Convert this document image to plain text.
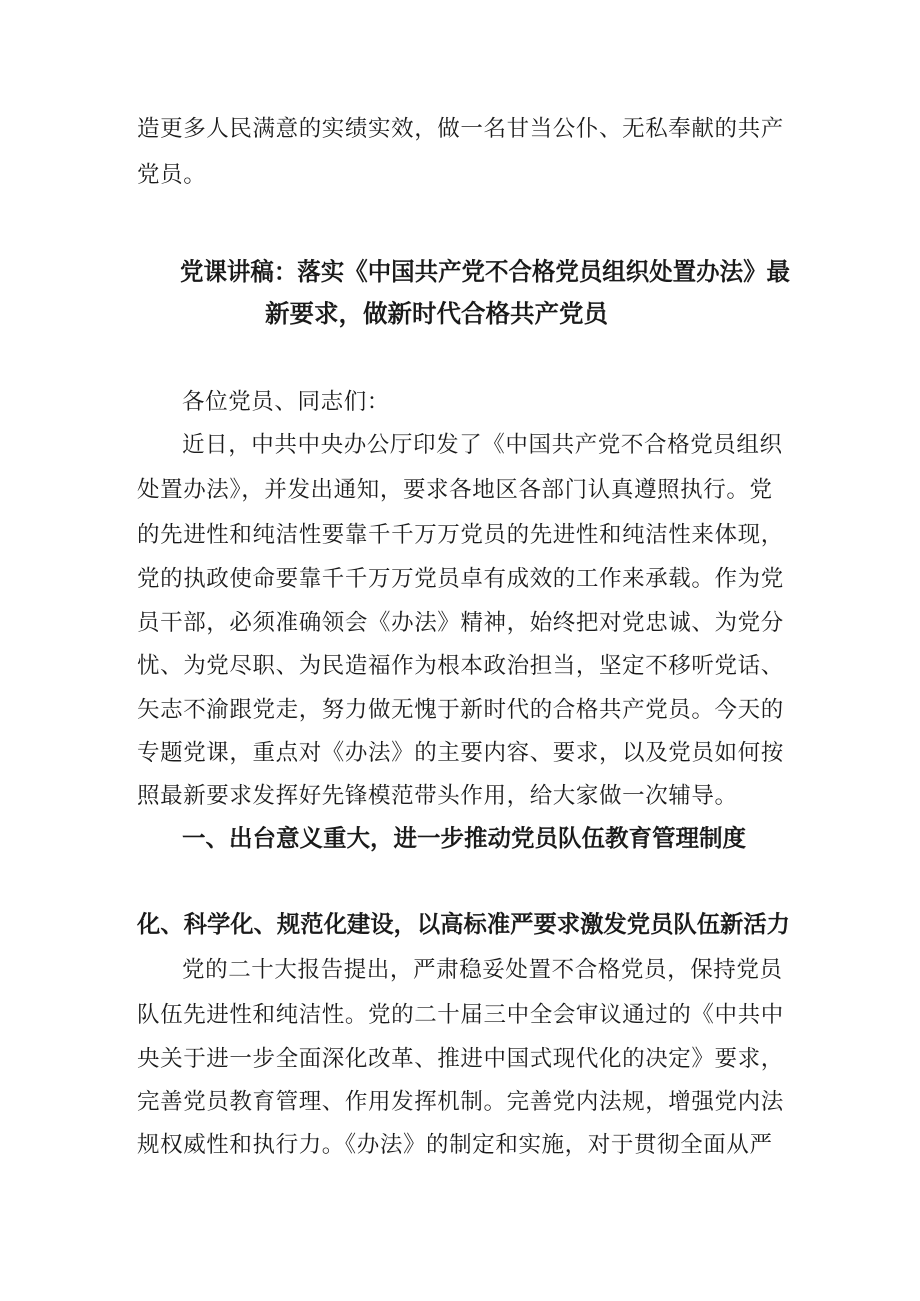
造更多人民满意的实绩实效，做一名甘当公仆、无私奉献的共产
党员。
党课讲稿：落实《中国共产党不合格党员组织处置办法》最
新要求，做新时代合格共产党员
各位党员、同志们：
近日，中共中央办公厅印发了《中国共产党不合格党员组织
处置办法》，并发出通知，要求各地区各部门认真遵照执行。党
的先进性和纯洁性要靠千千万万党员的先进性和纯洁性来体现，
党的执政使命要靠千千万万党员卓有成效的工作来承载。作为党
员干部，必须准确领会《办法》精神，始终把对党忠诚、为党分
忧、为党尽职、为民造福作为根本政治担当，坚定不移听党话、
矢志不渝跟党走，努力做无愧于新时代的合格共产党员。今天的
专题党课，重点对《办法》的主要内容、要求，以及党员如何按
照最新要求发挥好先锋模范带头作用，给大家做一次辅导。
一、出台意义重大，进一步推动党员队伍教育管理制度
化、科学化、规范化建设，以高标准严要求激发党员队伍新活力
党的二十大报告提出，严肃稳妥处置不合格党员，保持党员
队伍先进性和纯洁性。党的二十届三中全会审议通过的《中共中
央关于进一步全面深化改革、推进中国式现代化的决定》要求，
完善党员教育管理、作用发挥机制。完善党内法规，增强党内法
规权威性和执行力。《办法》的制定和实施，对于贯彻全面从严
